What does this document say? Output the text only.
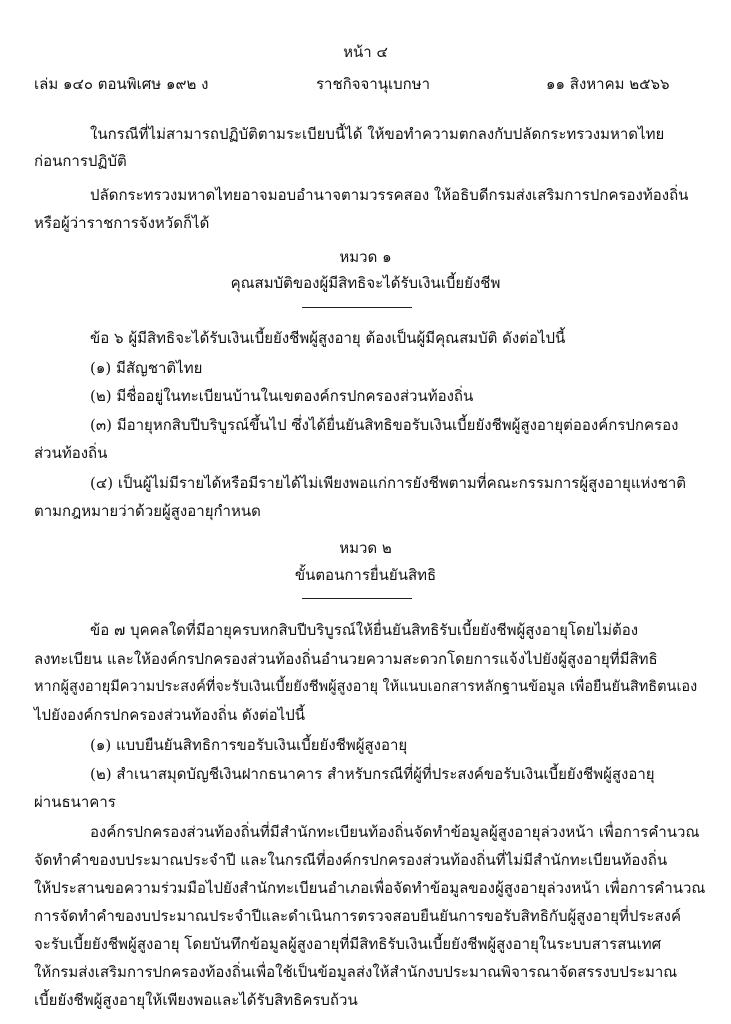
หน้า ๔
เล่ม ๑๔๐ ตอนพิเศษ ๑๙๒ ง	ราชกิจจานุเบกษา	๑๑ สิงหาคม ๒๕๖๖
ในกรณีที่ไม่สามารถปฏิบัติตามระเบียบนี้ได้ ให้ขอทำความตกลงกับปลัดกระทรวงมหาดไทย
ก่อนการปฏิบัติ
ปลัดกระทรวงมหาดไทยอาจมอบอำนาจตามวรรคสอง ให้อธิบดีกรมส่งเสริมการปกครองท้องถิ่น
หรือผู้ว่าราชการจังหวัดก็ได้
หมวด ๑
คุณสมบัติของผู้มีสิทธิจะได้รับเงินเบี้ยยังชีพ
ข้อ ๖ ผู้มีสิทธิจะได้รับเงินเบี้ยยังชีพผู้สูงอายุ ต้องเป็นผู้มีคุณสมบัติ ดังต่อไปนี้
(๑) มีสัญชาติไทย
(๒) มีชื่ออยู่ในทะเบียนบ้านในเขตองค์กรปกครองส่วนท้องถิ่น
(๓) มีอายุหกสิบปีบริบูรณ์ขึ้นไป ซึ่งได้ยื่นยันสิทธิขอรับเงินเบี้ยยังชีพผู้สูงอายุต่อองค์กรปกครอง
ส่วนท้องถิ่น
(๔) เป็นผู้ไม่มีรายได้หรือมีรายได้ไม่เพียงพอแก่การยังชีพตามที่คณะกรรมการผู้สูงอายุแห่งชาติ
ตามกฎหมายว่าด้วยผู้สูงอายุกำหนด
หมวด ๒
ขั้นตอนการยื่นยันสิทธิ
ข้อ ๗ บุคคลใดที่มีอายุครบหกสิบปีบริบูรณ์ให้ยื่นยันสิทธิรับเบี้ยยังชีพผู้สูงอายุโดยไม่ต้อง
ลงทะเบียน และให้องค์กรปกครองส่วนท้องถิ่นอำนวยความสะดวกโดยการแจ้งไปยังผู้สูงอายุที่มีสิทธิ
หากผู้สูงอายุมีความประสงค์ที่จะรับเงินเบี้ยยังชีพผู้สูงอายุ ให้แนบเอกสารหลักฐานข้อมูล เพื่อยืนยันสิทธิตนเอง
ไปยังองค์กรปกครองส่วนท้องถิ่น ดังต่อไปนี้
(๑) แบบยืนยันสิทธิการขอรับเงินเบี้ยยังชีพผู้สูงอายุ
(๒) สำเนาสมุดบัญชีเงินฝากธนาคาร สำหรับกรณีที่ผู้ที่ประสงค์ขอรับเงินเบี้ยยังชีพผู้สูงอายุ
ผ่านธนาคาร
องค์กรปกครองส่วนท้องถิ่นที่มีสำนักทะเบียนท้องถิ่นจัดทำข้อมูลผู้สูงอายุล่วงหน้า เพื่อการคำนวณ
จัดทำคำของบประมาณประจำปี และในกรณีที่องค์กรปกครองส่วนท้องถิ่นที่ไม่มีสำนักทะเบียนท้องถิ่น
ให้ประสานขอความร่วมมือไปยังสำนักทะเบียนอำเภอเพื่อจัดทำข้อมูลของผู้สูงอายุล่วงหน้า เพื่อการคำนวณ
การจัดทำคำของบประมาณประจำปีและดำเนินการตรวจสอบยืนยันการขอรับสิทธิกับผู้สูงอายุที่ประสงค์
จะรับเบี้ยยังชีพผู้สูงอายุ โดยบันทึกข้อมูลผู้สูงอายุที่มีสิทธิรับเงินเบี้ยยังชีพผู้สูงอายุในระบบสารสนเทศ
ให้กรมส่งเสริมการปกครองท้องถิ่นเพื่อใช้เป็นข้อมูลส่งให้สำนักงบประมาณพิจารณาจัดสรรงบประมาณ
เบี้ยยังชีพผู้สูงอายุให้เพียงพอและได้รับสิทธิครบถ้วน
